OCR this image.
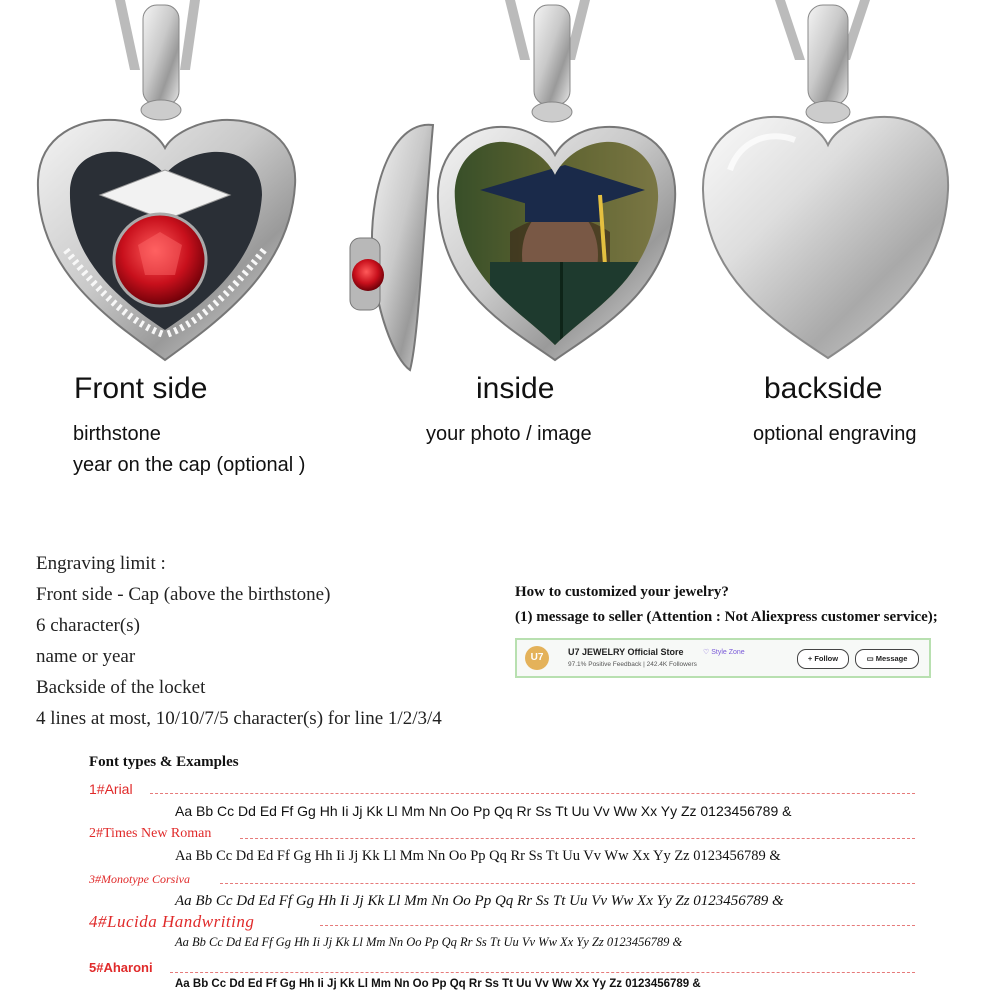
Front side
birthstone
year on the cap (optional )
inside
your photo / image
backside
optional engraving
Engraving limit :
Front side - Cap (above the birthstone)
6 character(s)
name or year
Backside of the locket
4 lines at most, 10/10/7/5 character(s) for line 1/2/3/4
How to customized your jewelry?
(1) message to seller (Attention : Not Aliexpress customer service);
U7	U7 JEWELRY Official Store	♡ Style Zone
97.1% Positive Feedback | 242.4K Followers
+ Follow	▭ Message
Font types & Examples
1#Arial
Aa Bb Cc Dd Ed Ff Gg Hh Ii Jj Kk Ll Mm Nn Oo Pp Qq Rr Ss Tt Uu Vv Ww Xx Yy Zz 0123456789 &
2#Times New Roman
Aa Bb Cc Dd Ed Ff Gg Hh Ii Jj Kk Ll Mm Nn Oo Pp Qq Rr Ss Tt Uu Vv Ww Xx Yy Zz 0123456789 &
3#Monotype Corsiva
Aa Bb Cc Dd Ed Ff Gg Hh Ii Jj Kk Ll Mm Nn Oo Pp Qq Rr Ss Tt Uu Vv Ww Xx Yy Zz 0123456789 &
4#Lucida Handwriting
Aa Bb Cc Dd Ed Ff Gg Hh Ii Jj Kk Ll Mm Nn Oo Pp Qq Rr Ss Tt Uu Vv Ww Xx Yy Zz 0123456789 &
5#Aharoni
Aa Bb Cc Dd Ed Ff Gg Hh Ii Jj Kk Ll Mm Nn Oo Pp Qq Rr Ss Tt Uu Vv Ww Xx Yy Zz 0123456789 &
